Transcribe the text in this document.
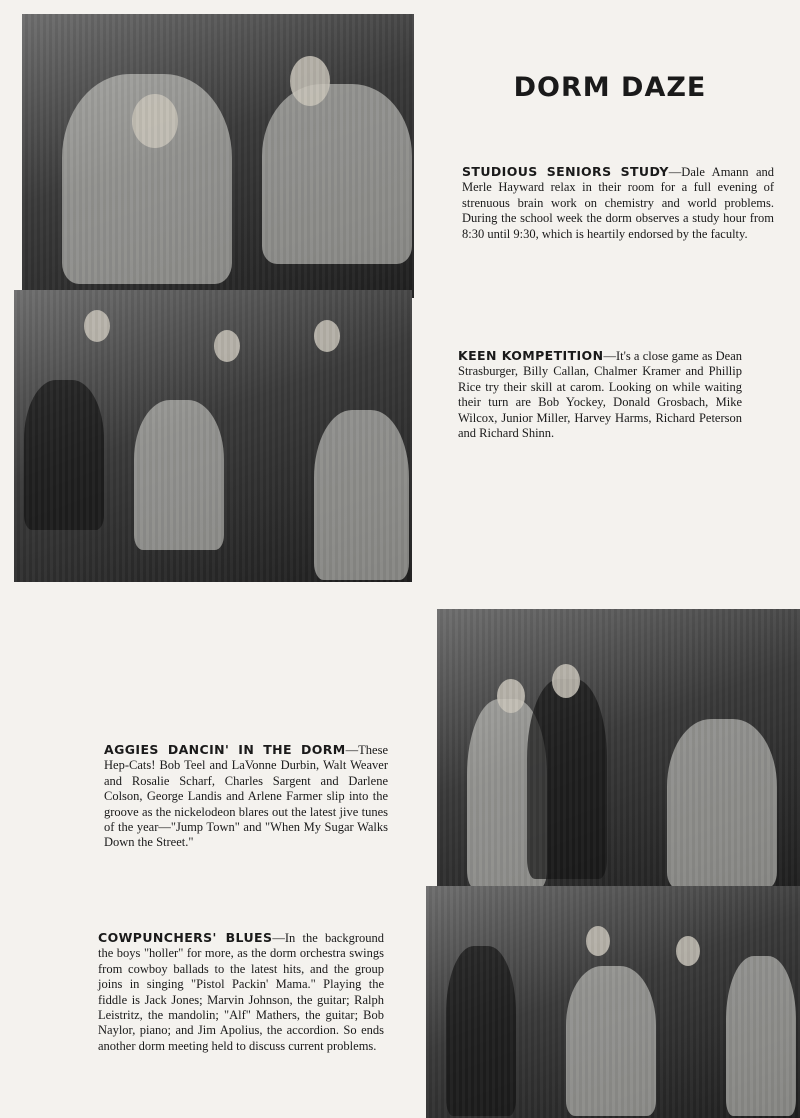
DORM DAZE

STUDIOUS SENIORS STUDY—Dale Amann and Merle Hayward relax in their room for a full evening of strenuous brain work on chemistry and world problems. During the school week the dorm observes a study hour from 8:30 until 9:30, which is heartily endorsed by the faculty.

KEEN KOMPETITION—It's a close game as Dean Strasburger, Billy Callan, Chalmer Kramer and Phillip Rice try their skill at carom. Looking on while waiting their turn are Bob Yockey, Donald Grosbach, Mike Wilcox, Junior Miller, Harvey Harms, Richard Peterson and Richard Shinn.

AGGIES DANCIN' IN THE DORM—These Hep-Cats! Bob Teel and LaVonne Durbin, Walt Weaver and Rosalie Scharf, Charles Sargent and Darlene Colson, George Landis and Arlene Farmer slip into the groove as the nickelodeon blares out the latest jive tunes of the year—"Jump Town" and "When My Sugar Walks Down the Street."

COWPUNCHERS' BLUES—In the background the boys "holler" for more, as the dorm orchestra swings from cowboy ballads to the latest hits, and the group joins in singing "Pistol Packin' Mama." Playing the fiddle is Jack Jones; Marvin Johnson, the guitar; Ralph Leistritz, the mandolin; "Alf" Mathers, the guitar; Bob Naylor, piano; and Jim Apolius, the accordion. So ends another dorm meeting held to discuss current problems.
